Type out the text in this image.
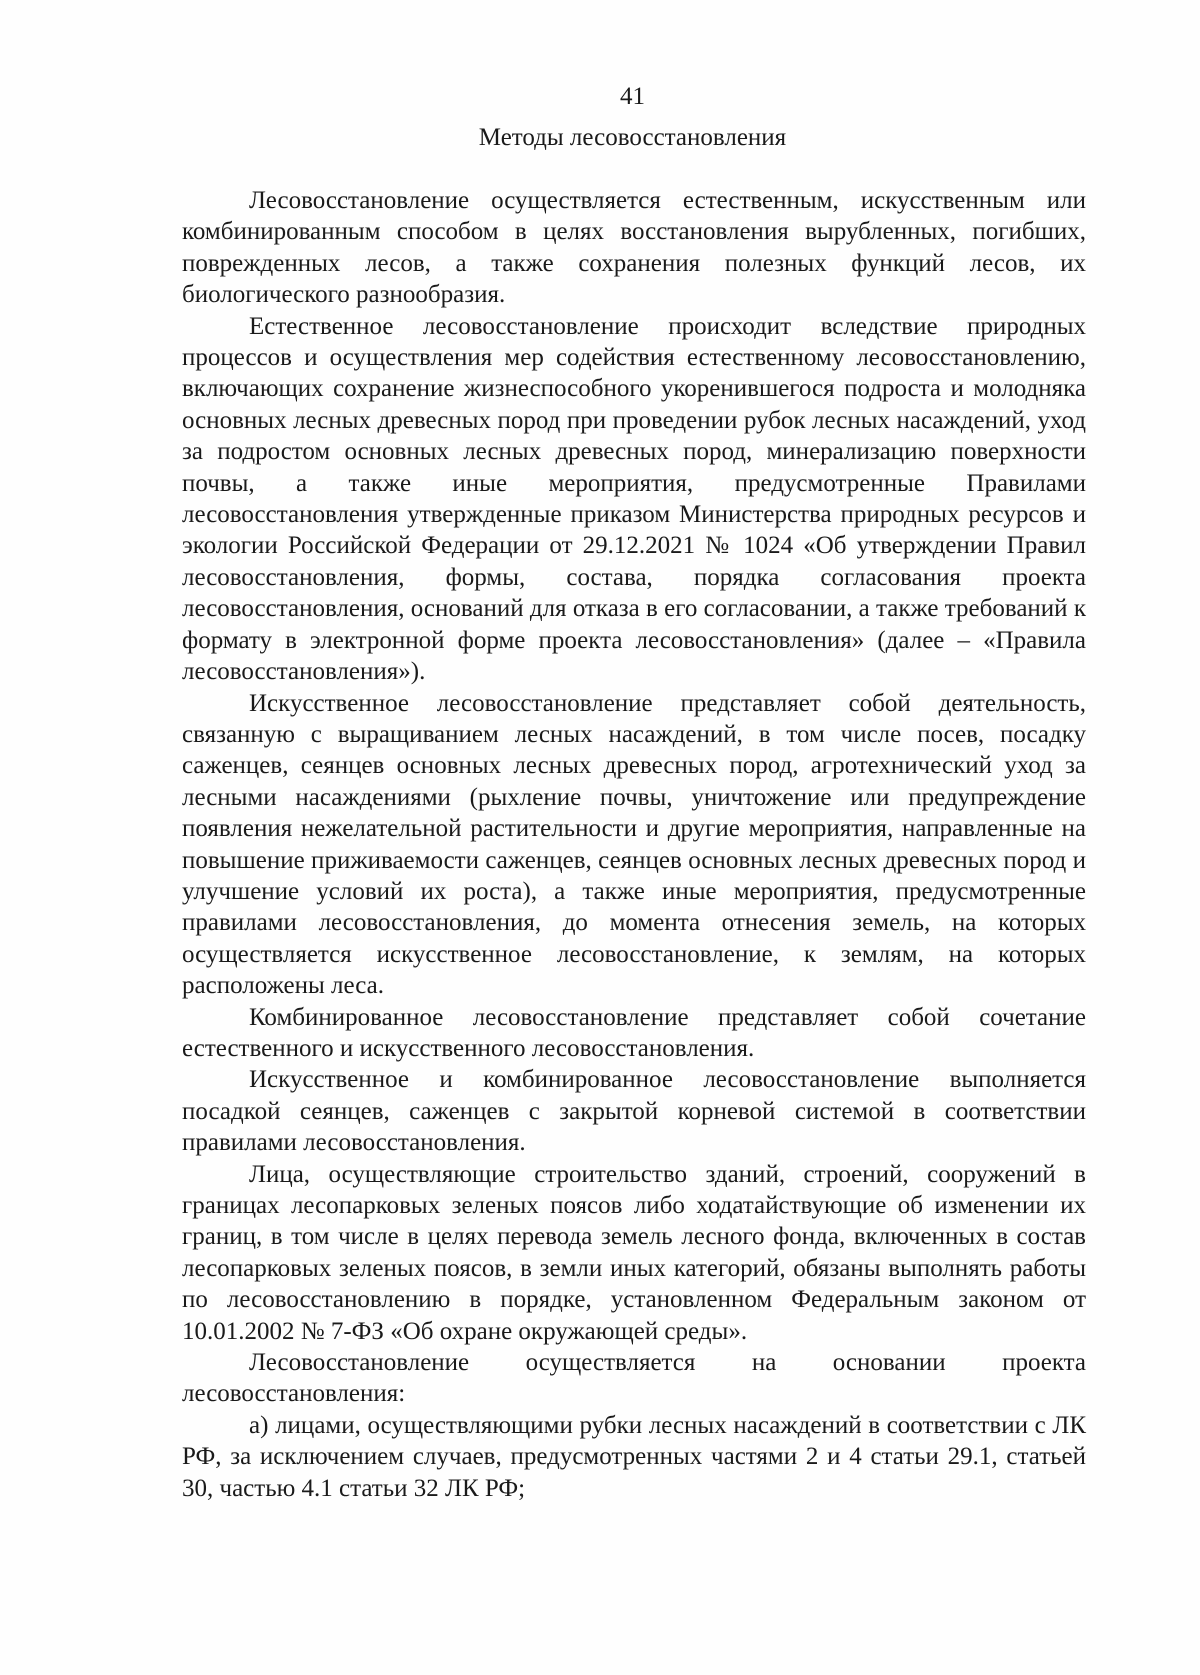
41
Методы лесовосстановления

Лесовосстановление осуществляется естественным, искусственным или комбинированным способом в целях восстановления вырубленных, погибших, поврежденных лесов, а также сохранения полезных функций лесов, их биологического разнообразия.

Естественное лесовосстановление происходит вследствие природных процессов и осуществления мер содействия естественному лесовосстановлению, включающих сохранение жизнеспособного укоренившегося подроста и молодняка основных лесных древесных пород при проведении рубок лесных насаждений, уход за подростом основных лесных древесных пород, минерализацию поверхности почвы, а также иные мероприятия, предусмотренные Правилами лесовосстановления утвержденные приказом Министерства природных ресурсов и экологии Российской Федерации от 29.12.2021 № 1024 «Об утверждении Правил лесовосстановления, формы, состава, порядка согласования проекта лесовосстановления, оснований для отказа в его согласовании, а также требований к формату в электронной форме проекта лесовосстановления» (далее – «Правила лесовосстановления»).

Искусственное лесовосстановление представляет собой деятельность, связанную с выращиванием лесных насаждений, в том числе посев, посадку саженцев, сеянцев основных лесных древесных пород, агротехнический уход за лесными насаждениями (рыхление почвы, уничтожение или предупреждение появления нежелательной растительности и другие мероприятия, направленные на повышение приживаемости саженцев, сеянцев основных лесных древесных пород и улучшение условий их роста), а также иные мероприятия, предусмотренные правилами лесовосстановления, до момента отнесения земель, на которых осуществляется искусственное лесовосстановление, к землям, на которых расположены леса.

Комбинированное лесовосстановление представляет собой сочетание естественного и искусственного лесовосстановления.

Искусственное и комбинированное лесовосстановление выполняется посадкой сеянцев, саженцев с закрытой корневой системой в соответствии правилами лесовосстановления.

Лица, осуществляющие строительство зданий, строений, сооружений в границах лесопарковых зеленых поясов либо ходатайствующие об изменении их границ, в том числе в целях перевода земель лесного фонда, включенных в состав лесопарковых зеленых поясов, в земли иных категорий, обязаны выполнять работы по лесовосстановлению в порядке, установленном Федеральным законом от 10.01.2002 № 7-ФЗ «Об охране окружающей среды».

Лесовосстановление осуществляется на основании проекта лесовосстановления:

а) лицами, осуществляющими рубки лесных насаждений в соответствии с ЛК РФ, за исключением случаев, предусмотренных частями 2 и 4 статьи 29.1, статьей 30, частью 4.1 статьи 32 ЛК РФ;
